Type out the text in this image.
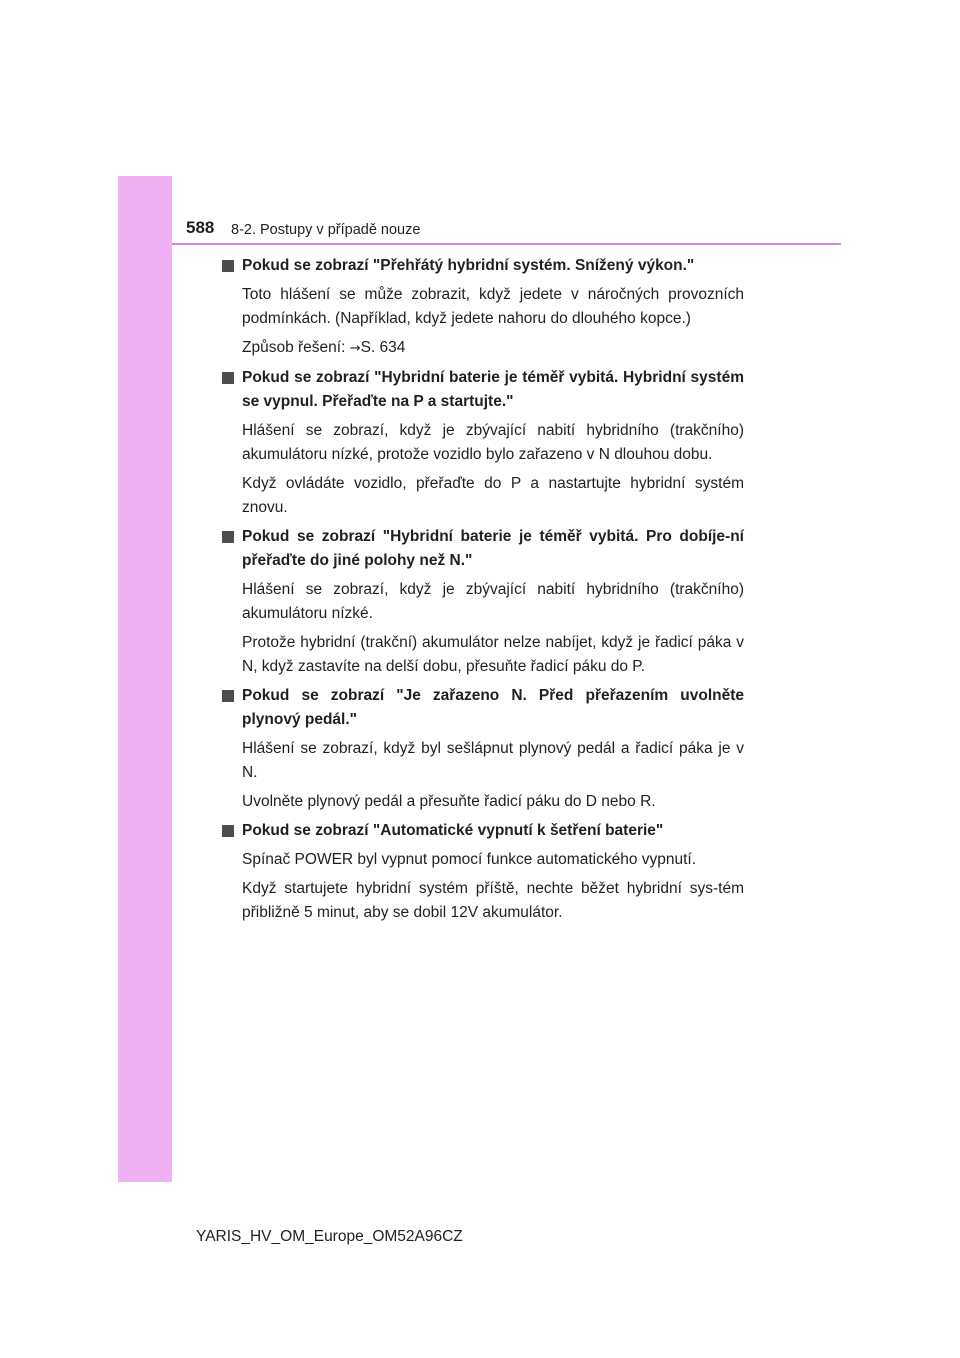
588 8-2. Postupy v případě nouze
Pokud se zobrazí "Přehřátý hybridní systém. Snížený výkon."

Toto hlášení se může zobrazit, když jedete v náročných provozních podmínkách. (Například, když jedete nahoru do dlouhého kopce.)

Způsob řešení: →S. 634

Pokud se zobrazí "Hybridní baterie je téměř vybitá. Hybridní systém se vypnul. Přeřaďte na P a startujte."

Hlášení se zobrazí, když je zbývající nabití hybridního (trakčního) akumulátoru nízké, protože vozidlo bylo zařazeno v N dlouhou dobu.

Když ovládáte vozidlo, přeřaďte do P a nastartujte hybridní systém znovu.

Pokud se zobrazí "Hybridní baterie je téměř vybitá. Pro dobíje-ní přeřaďte do jiné polohy než N."

Hlášení se zobrazí, když je zbývající nabití hybridního (trakčního) akumulátoru nízké.

Protože hybridní (trakční) akumulátor nelze nabíjet, když je řadicí páka v N, když zastavíte na delší dobu, přesuňte řadicí páku do P.

Pokud se zobrazí "Je zařazeno N. Před přeřazením uvolněte plynový pedál."

Hlášení se zobrazí, když byl sešlápnut plynový pedál a řadicí páka je v N.

Uvolněte plynový pedál a přesuňte řadicí páku do D nebo R.

Pokud se zobrazí "Automatické vypnutí k šetření baterie"

Spínač POWER byl vypnut pomocí funkce automatického vypnutí.

Když startujete hybridní systém příště, nechte běžet hybridní sys-tém přibližně 5 minut, aby se dobil 12V akumulátor.

YARIS_HV_OM_Europe_OM52A96CZ
